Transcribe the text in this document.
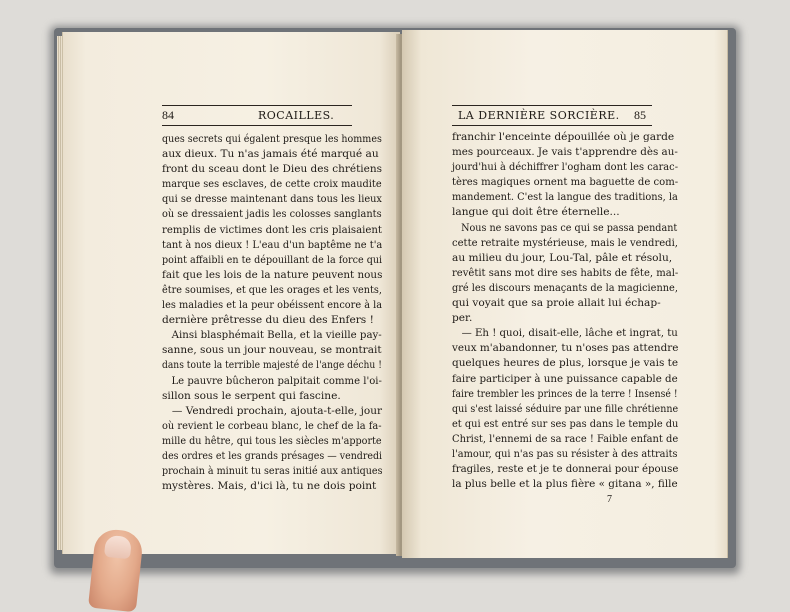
84	ROCAILLES.
ques secrets qui égalent presque les hommes
aux dieux. Tu n'as jamais été marqué au
front du sceau dont le Dieu des chrétiens
marque ses esclaves, de cette croix maudite
qui se dresse maintenant dans tous les lieux
où se dressaient jadis les colosses sanglants
remplis de victimes dont les cris plaisaient
tant à nos dieux ! L'eau d'un baptême ne t'a
point affaibli en te dépouillant de la force qui
fait que les lois de la nature peuvent nous
être soumises, et que les orages et les vents,
les maladies et la peur obéissent encore à la
dernière prêtresse du dieu des Enfers !
Ainsi blasphémait Bella, et la vieille pay-
sanne, sous un jour nouveau, se montrait
dans toute la terrible majesté de l'ange déchu !
Le pauvre bûcheron palpitait comme l'oi-
sillon sous le serpent qui fascine.
— Vendredi prochain, ajouta-t-elle, jour
où revient le corbeau blanc, le chef de la fa-
mille du hêtre, qui tous les siècles m'apporte
des ordres et les grands présages — vendredi
prochain à minuit tu seras initié aux antiques
mystères. Mais, d'ici là, tu ne dois point
LA DERNIÈRE SORCIÈRE. 85
franchir l'enceinte dépouillée où je garde
mes pourceaux. Je vais t'apprendre dès au-
jourd'hui à déchiffrer l'ogham dont les carac-
tères magiques ornent ma baguette de com-
mandement. C'est la langue des traditions, la
langue qui doit être éternelle...
Nous ne savons pas ce qui se passa pendant
cette retraite mystérieuse, mais le vendredi,
au milieu du jour, Lou-Tal, pâle et résolu,
revêtit sans mot dire ses habits de fête, mal-
gré les discours menaçants de la magicienne,
qui voyait que sa proie allait lui échap-
per.
— Eh ! quoi, disait-elle, lâche et ingrat, tu
veux m'abandonner, tu n'oses pas attendre
quelques heures de plus, lorsque je vais te
faire participer à une puissance capable de
faire trembler les princes de la terre ! Insensé !
qui s'est laissé séduire par une fille chrétienne
et qui est entré sur ses pas dans le temple du
Christ, l'ennemi de sa race ! Faible enfant de
l'amour, qui n'as pas su résister à des attraits
fragiles, reste et je te donnerai pour épouse
la plus belle et la plus fière « gitana », fille
7
